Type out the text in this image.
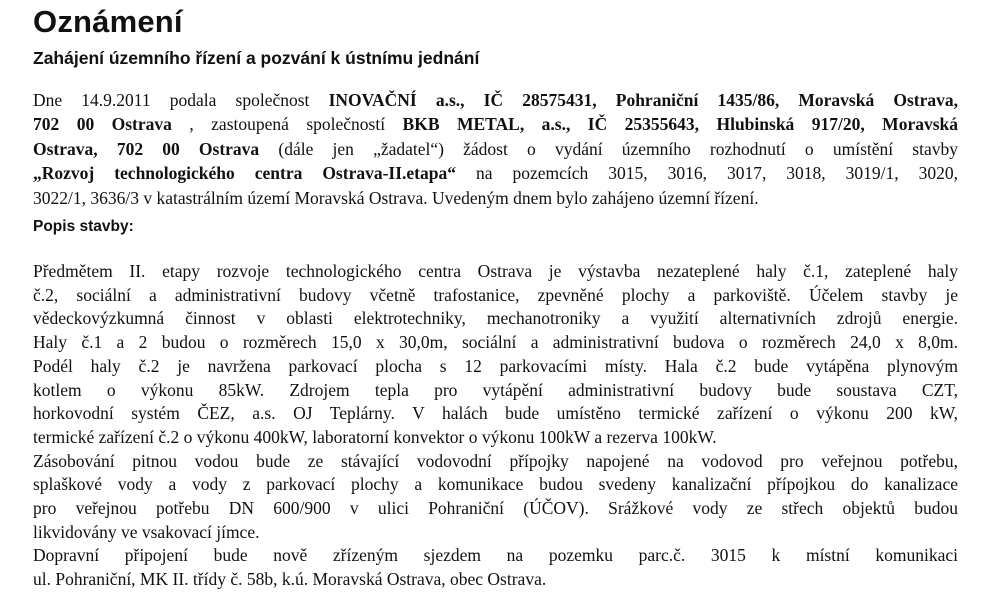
Oznámení
Zahájení územního řízení a pozvání k ústnímu jednání

Dne 14.9.2011 podala společnost INOVAČNÍ a.s., IČ 28575431, Pohraniční 1435/86, Moravská Ostrava,
702 00 Ostrava , zastoupená společností BKB METAL, a.s., IČ 25355643, Hlubinská 917/20, Moravská
Ostrava, 702 00 Ostrava (dále jen „žadatel“) žádost o vydání územního rozhodnutí o umístění stavby
„Rozvoj technologického centra Ostrava-II.etapa“ na pozemcích 3015, 3016, 3017, 3018, 3019/1, 3020,
3022/1, 3636/3 v katastrálním území Moravská Ostrava. Uvedeným dnem bylo zahájeno územní řízení.

Popis stavby:
Předmětem II. etapy rozvoje technologického centra Ostrava je výstavba nezateplené haly č.1, zateplené haly
č.2, sociální a administrativní budovy včetně trafostanice, zpevněné plochy a parkoviště. Účelem stavby je
vědeckovýzkumná činnost v oblasti elektrotechniky, mechanotroniky a využití alternativních zdrojů energie.
Haly č.1 a 2 budou o rozměrech 15,0 x 30,0m, sociální a administrativní budova o rozměrech 24,0 x 8,0m.
Podél haly č.2 je navržena parkovací plocha s 12 parkovacími místy. Hala č.2 bude vytápěna plynovým
kotlem o výkonu 85kW. Zdrojem tepla pro vytápění administrativní budovy bude soustava CZT,
horkovodní systém ČEZ, a.s. OJ Teplárny. V halách bude umístěno termické zařízení o výkonu 200 kW,
termické zařízení č.2 o výkonu 400kW, laboratorní konvektor o výkonu 100kW a rezerva 100kW.
Zásobování pitnou vodou bude ze stávající vodovodní přípojky napojené na vodovod pro veřejnou potřebu,
splaškové vody a vody z parkovací plochy a komunikace budou svedeny kanalizační přípojkou do kanalizace
pro veřejnou potřebu DN 600/900 v ulici Pohraniční (ÚČOV). Srážkové vody ze střech objektů budou
likvidovány ve vsakovací jímce.
Dopravní připojení bude nově zřízeným sjezdem na pozemku parc.č. 3015 k místní komunikaci
ul. Pohraniční, MK II. třídy č. 58b, k.ú. Moravská Ostrava, obec Ostrava.
